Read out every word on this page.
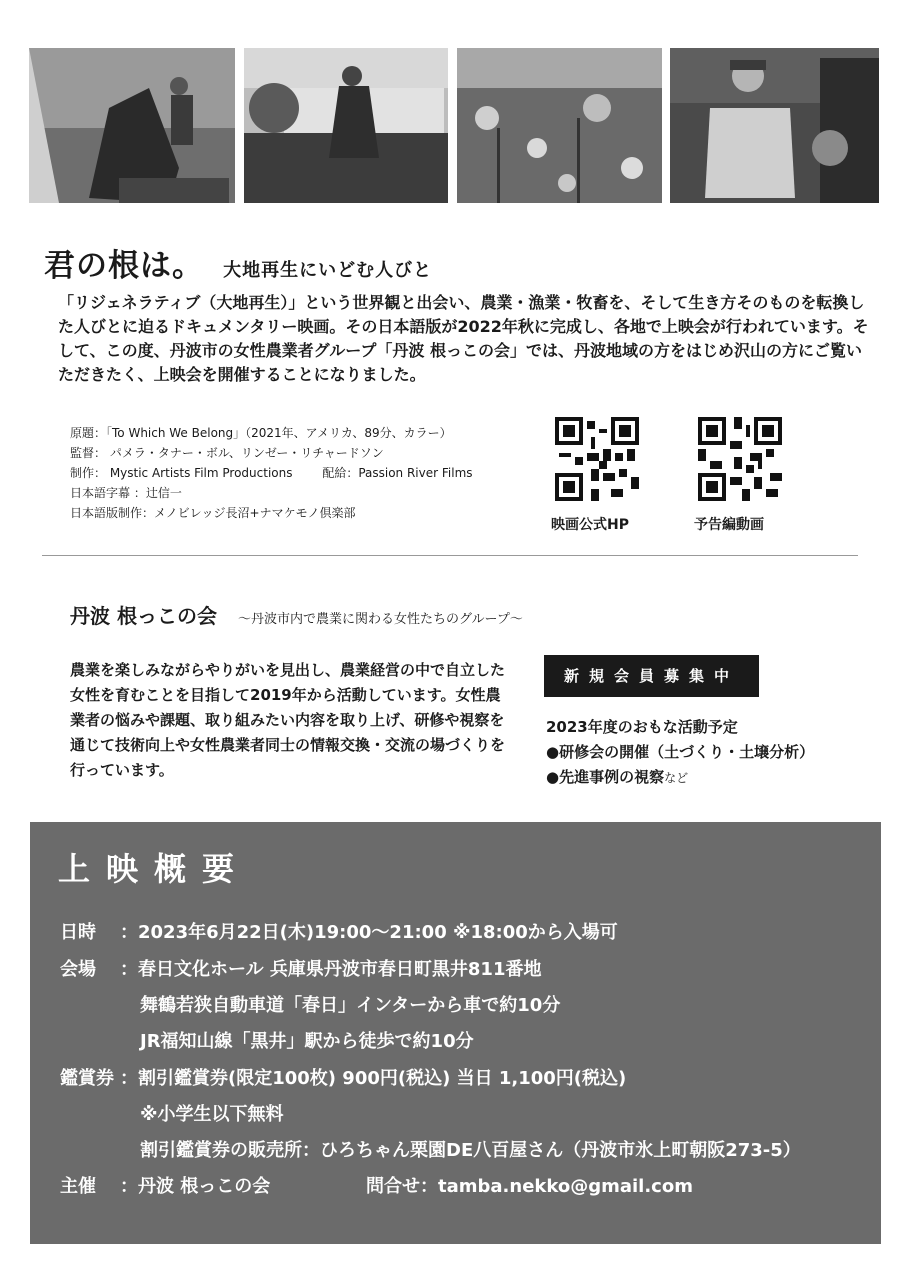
君の根は。 大地再生にいどむ人びと
「リジェネラティブ（大地再生）」という世界観と出会い、農業・漁業・牧畜を、そして生き方そのものを転換した人びとに迫るドキュメンタリー映画。その日本語版が2022年秋に完成し、各地で上映会が行われています。そして、この度、丹波市の女性農業者グループ「丹波 根っこの会」では、丹波地域の方をはじめ沢山の方にご覧いただきたく、上映会を開催することになりました。
原題：「To Which We Belong」（2021年、アメリカ、89分、カラー）
監督： パメラ・タナー・ボル、リンゼー・リチャードソン
制作： Mystic Artists Film Productions 配給：Passion River Films
日本語字幕 ：辻信一
日本語版制作：メノビレッジ長沼+ナマケモノ倶楽部
映画公式HP	予告編動画
丹波 根っこの会 ～丹波市内で農業に関わる女性たちのグループ～
農業を楽しみながらやりがいを見出し、農業経営の中で自立した女性を育むことを目指して2019年から活動しています。女性農業者の悩みや課題、取り組みたい内容を取り上げ、研修や視察を通じて技術向上や女性農業者同士の情報交換・交流の場づくりを行っています。
新規会員募集中
2023年度のおもな活動予定
●研修会の開催（土づくり・土壌分析）
●先進事例の視察など
上映概要
日時 ：2023年6月22日(木)19:00～21:00 ※18:00から入場可
会場 ：春日文化ホール 兵庫県丹波市春日町黒井811番地
舞鶴若狭自動車道「春日」インターから車で約10分
JR福知山線「黒井」駅から徒歩で約10分
鑑賞券 ：割引鑑賞券(限定100枚) 900円(税込) 当日 1,100円(税込)
※小学生以下無料
割引鑑賞券の販売所：ひろちゃん栗園DE八百屋さん（丹波市氷上町朝阪273-5）
主催 ：丹波 根っこの会	問合せ：tamba.nekko@gmail.com
